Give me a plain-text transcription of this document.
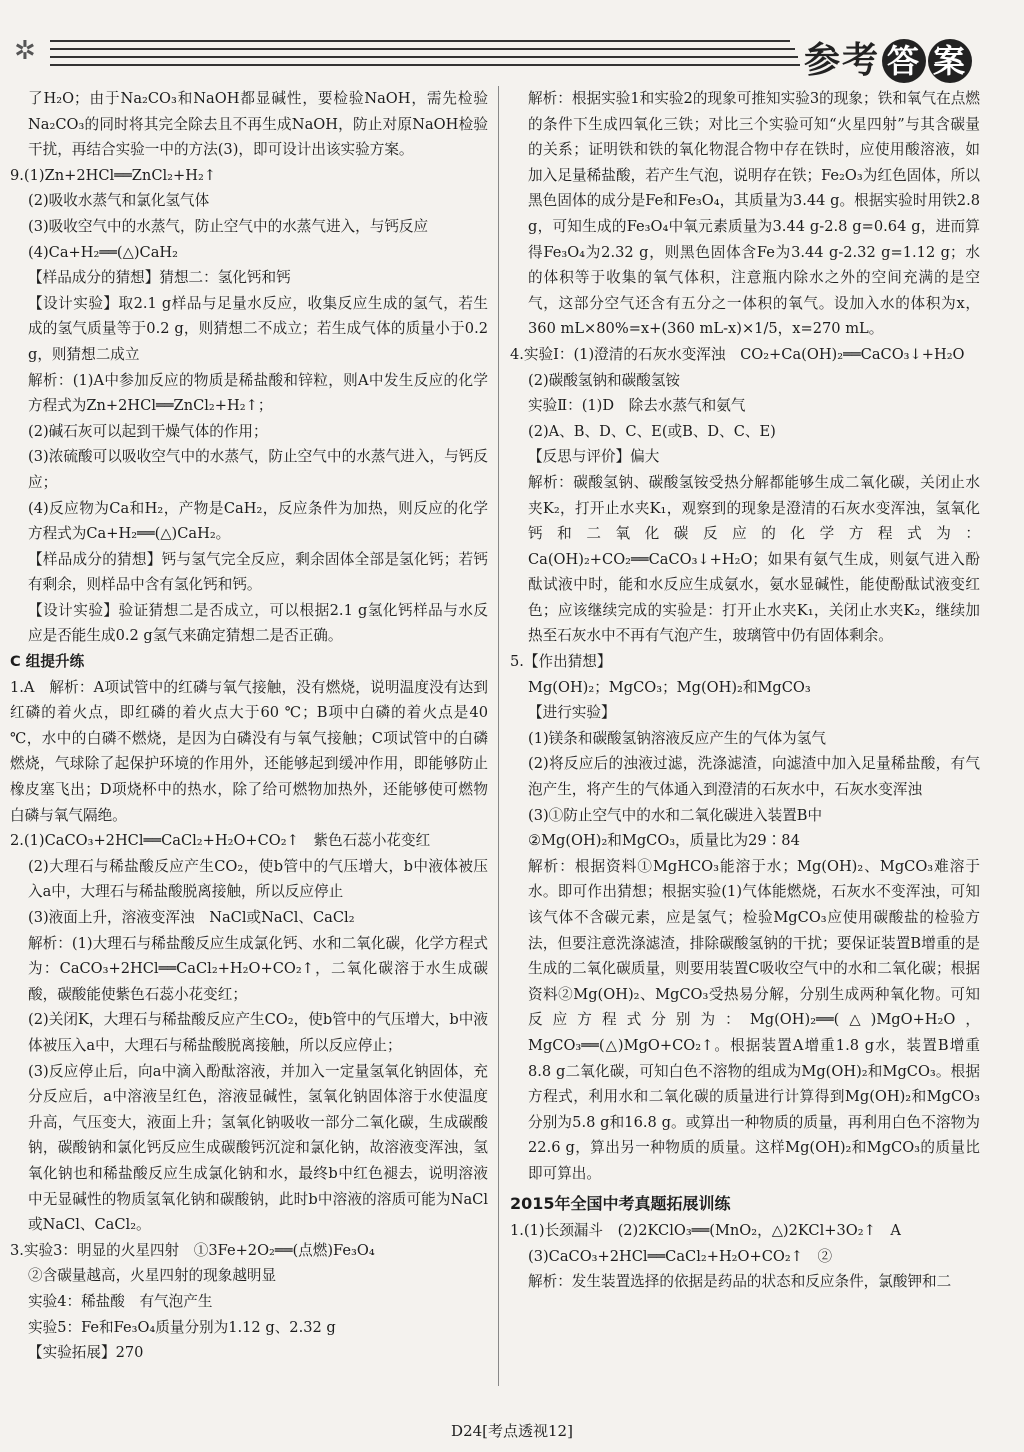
✲	参考 答 案

了H₂O；由于Na₂CO₃和NaOH都显碱性，要检验NaOH，需先检验Na₂CO₃的同时将其完全除去且不再生成NaOH，防止对原NaOH检验干扰，再结合实验一中的方法(3)，即可设计出该实验方案。

9.(1)Zn+2HCl══ZnCl₂+H₂↑

(2)吸收水蒸气和氯化氢气体

(3)吸收空气中的水蒸气，防止空气中的水蒸气进入，与钙反应

(4)Ca+H₂══(△)CaH₂

【样品成分的猜想】猜想二：氢化钙和钙

【设计实验】取2.1 g样品与足量水反应，收集反应生成的氢气，若生成的氢气质量等于0.2 g，则猜想二不成立；若生成气体的质量小于0.2 g，则猜想二成立

解析：(1)A中参加反应的物质是稀盐酸和锌粒，则A中发生反应的化学方程式为Zn+2HCl══ZnCl₂+H₂↑；

(2)碱石灰可以起到干燥气体的作用；

(3)浓硫酸可以吸收空气中的水蒸气，防止空气中的水蒸气进入，与钙反应；

(4)反应物为Ca和H₂，产物是CaH₂，反应条件为加热，则反应的化学方程式为Ca+H₂══(△)CaH₂。

【样品成分的猜想】钙与氢气完全反应，剩余固体全部是氢化钙；若钙有剩余，则样品中含有氢化钙和钙。

【设计实验】验证猜想二是否成立，可以根据2.1 g氢化钙样品与水反应是否能生成0.2 g氢气来确定猜想二是否正确。

C 组提升练

1.A　解析：A项试管中的红磷与氧气接触，没有燃烧，说明温度没有达到红磷的着火点，即红磷的着火点大于60 ℃；B项中白磷的着火点是40 ℃，水中的白磷不燃烧，是因为白磷没有与氧气接触；C项试管中的白磷燃烧，气球除了起保护环境的作用外，还能够起到缓冲作用，即能够防止橡皮塞飞出；D项烧杯中的热水，除了给可燃物加热外，还能够使可燃物白磷与氧气隔绝。

2.(1)CaCO₃+2HCl══CaCl₂+H₂O+CO₂↑　紫色石蕊小花变红

(2)大理石与稀盐酸反应产生CO₂，使b管中的气压增大，b中液体被压入a中，大理石与稀盐酸脱离接触，所以反应停止

(3)液面上升，溶液变浑浊　NaCl或NaCl、CaCl₂

解析：(1)大理石与稀盐酸反应生成氯化钙、水和二氧化碳，化学方程式为：CaCO₃+2HCl══CaCl₂+H₂O+CO₂↑，二氧化碳溶于水生成碳酸，碳酸能使紫色石蕊小花变红；

(2)关闭K，大理石与稀盐酸反应产生CO₂，使b管中的气压增大，b中液体被压入a中，大理石与稀盐酸脱离接触，所以反应停止；

(3)反应停止后，向a中滴入酚酞溶液，并加入一定量氢氧化钠固体，充分反应后，a中溶液呈红色，溶液显碱性，氢氧化钠固体溶于水使温度升高，气压变大，液面上升；氢氧化钠吸收一部分二氧化碳，生成碳酸钠，碳酸钠和氯化钙反应生成碳酸钙沉淀和氯化钠，故溶液变浑浊，氢氧化钠也和稀盐酸反应生成氯化钠和水，最终b中红色褪去，说明溶液中无显碱性的物质氢氧化钠和碳酸钠，此时b中溶液的溶质可能为NaCl或NaCl、CaCl₂。

3.实验3：明显的火星四射　①3Fe+2O₂══(点燃)Fe₃O₄

②含碳量越高，火星四射的现象越明显

实验4：稀盐酸　有气泡产生

实验5：Fe和Fe₃O₄质量分别为1.12 g、2.32 g

【实验拓展】270

解析：根据实验1和实验2的现象可推知实验3的现象；铁和氧气在点燃的条件下生成四氧化三铁；对比三个实验可知“火星四射”与其含碳量的关系；证明铁和铁的氧化物混合物中存在铁时，应使用酸溶液，如加入足量稀盐酸，若产生气泡，说明存在铁；Fe₂O₃为红色固体，所以黑色固体的成分是Fe和Fe₃O₄，其质量为3.44 g。根据实验时用铁2.8 g，可知生成的Fe₃O₄中氧元素质量为3.44 g-2.8 g=0.64 g，进而算得Fe₃O₄为2.32 g，则黑色固体含Fe为3.44 g-2.32 g=1.12 g；水的体积等于收集的氧气体积，注意瓶内除水之外的空间充满的是空气，这部分空气还含有五分之一体积的氧气。设加入水的体积为x，360 mL×80%=x+(360 mL-x)×1/5，x=270 mL。

4.实验Ⅰ：(1)澄清的石灰水变浑浊　CO₂+Ca(OH)₂══CaCO₃↓+H₂O

(2)碳酸氢钠和碳酸氢铵

实验Ⅱ：(1)D　除去水蒸气和氨气

(2)A、B、D、C、E(或B、D、C、E)

【反思与评价】偏大

解析：碳酸氢钠、碳酸氢铵受热分解都能够生成二氧化碳，关闭止水夹K₂，打开止水夹K₁，观察到的现象是澄清的石灰水变浑浊，氢氧化钙和二氧化碳反应的化学方程式为：Ca(OH)₂+CO₂══CaCO₃↓+H₂O；如果有氨气生成，则氨气进入酚酞试液中时，能和水反应生成氨水，氨水显碱性，能使酚酞试液变红色；应该继续完成的实验是：打开止水夹K₁，关闭止水夹K₂，继续加热至石灰水中不再有气泡产生，玻璃管中仍有固体剩余。

5.【作出猜想】

Mg(OH)₂；MgCO₃；Mg(OH)₂和MgCO₃

【进行实验】

(1)镁条和碳酸氢钠溶液反应产生的气体为氢气

(2)将反应后的浊液过滤，洗涤滤渣，向滤渣中加入足量稀盐酸，有气泡产生，将产生的气体通入到澄清的石灰水中，石灰水变浑浊

(3)①防止空气中的水和二氧化碳进入装置B中

②Mg(OH)₂和MgCO₃，质量比为29∶84

解析：根据资料①MgHCO₃能溶于水；Mg(OH)₂、MgCO₃难溶于水。即可作出猜想；根据实验(1)气体能燃烧，石灰水不变浑浊，可知该气体不含碳元素，应是氢气；检验MgCO₃应使用碳酸盐的检验方法，但要注意洗涤滤渣，排除碳酸氢钠的干扰；要保证装置B增重的是生成的二氧化碳质量，则要用装置C吸收空气中的水和二氧化碳；根据资料②Mg(OH)₂、MgCO₃受热易分解，分别生成两种氧化物。可知反应方程式分别为：Mg(OH)₂══(△)MgO+H₂O，MgCO₃══(△)MgO+CO₂↑。根据装置A增重1.8 g水，装置B增重8.8 g二氧化碳，可知白色不溶物的组成为Mg(OH)₂和MgCO₃。根据方程式，利用水和二氧化碳的质量进行计算得到Mg(OH)₂和MgCO₃分别为5.8 g和16.8 g。或算出一种物质的质量，再利用白色不溶物为22.6 g，算出另一种物质的质量。这样Mg(OH)₂和MgCO₃的质量比即可算出。

2015年全国中考真题拓展训练

1.(1)长颈漏斗　(2)2KClO₃══(MnO₂，△)2KCl+3O₂↑　A

(3)CaCO₃+2HCl══CaCl₂+H₂O+CO₂↑　②

解析：发生装置选择的依据是药品的状态和反应条件，氯酸钾和二

D24[考点透视12]
